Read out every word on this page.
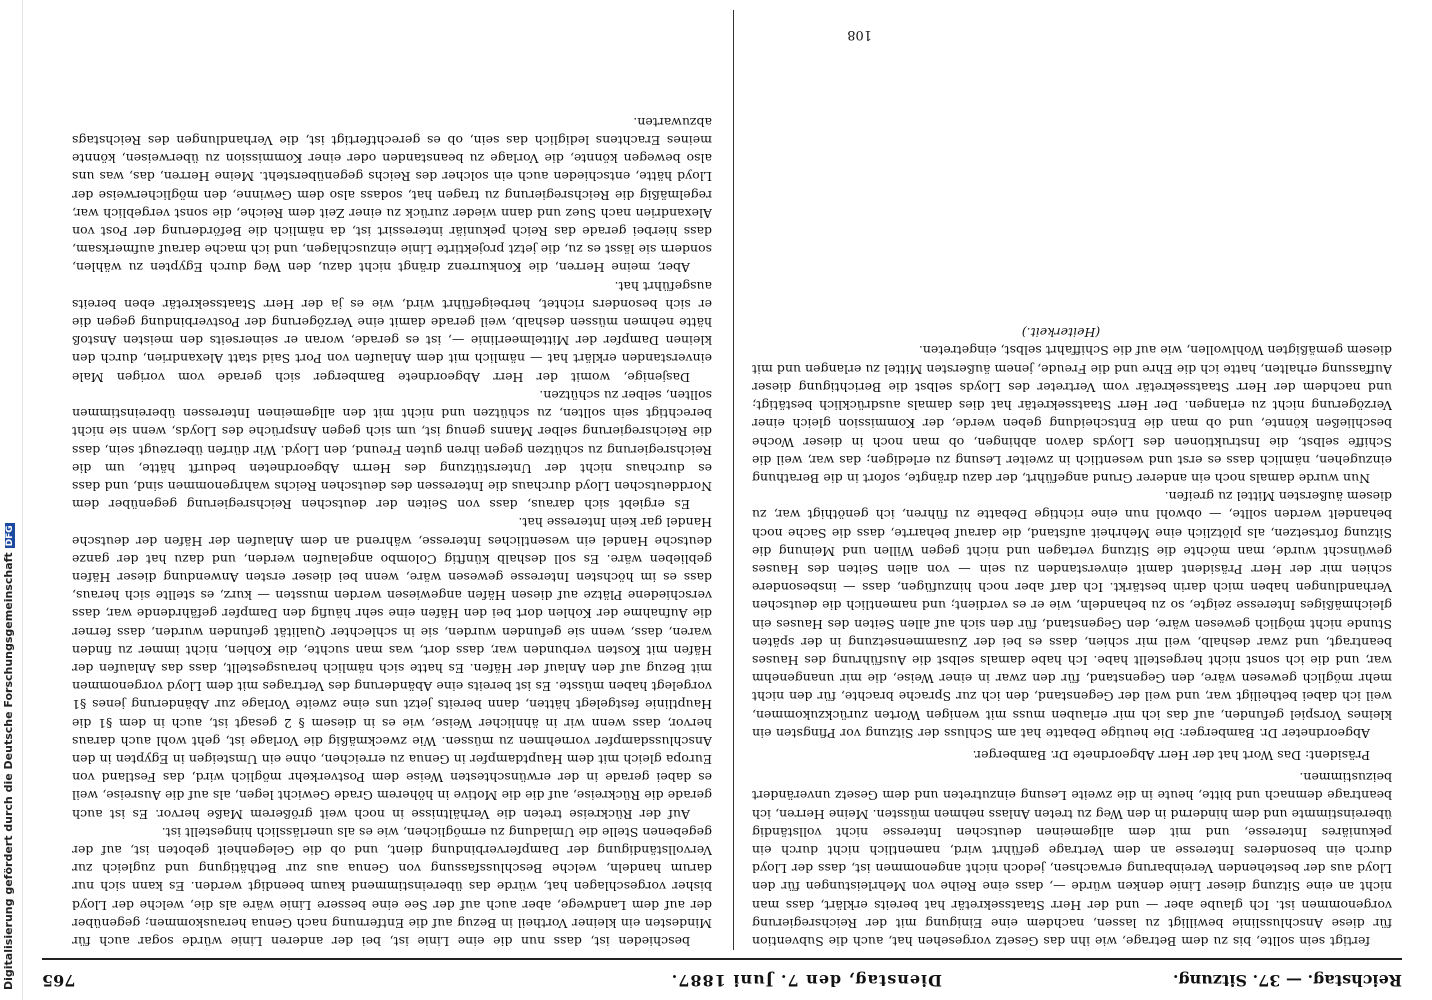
Digitalisierung gefördert durch die Deutsche ForschungsgemeinschaftDFG
Reichstag. — 37. Sitzung.
Dienstag, den 7. Juni 1887.
765

fertigt sein sollte, bis zu dem Betrage, wie ihn das Gesetz vorgesehen hat, auch die Subvention für diese Anschlusslinie bewilligt zu lassen, nachdem eine Einigung mit der Reichsregierung vorgenommen ist. Ich glaube aber — und der Herr Staatssekretär hat bereits erklärt, dass man nicht an eine Sitzung dieser Linie denken würde —, dass eine Reihe von Mehrleistungen für den Lloyd aus der bestehenden Vereinbarung erwachsen, jedoch nicht angenommen ist, dass der Lloyd durch ein besonderes Interesse an dem Vertrage geführt wird, namentlich nicht durch ein pekuniäres Interesse, und mit dem allgemeinen deutschen Interesse nicht vollständig übereinstimmte und dem hindernd in den Weg zu treten Anlass nehmen müssten. Meine Herren, ich beantrage demnach und bitte, heute in die zweite Lesung einzutreten und dem Gesetz unverändert beizustimmen.

Präsident: Das Wort hat der Herr Abgeordnete Dr. Bamberger.

Abgeordneter Dr. Bamberger: Die heutige Debatte hat am Schluss der Sitzung vor Pfingsten ein kleines Vorspiel gefunden, auf das ich mir erlauben muss mit wenigen Worten zurückzukommen, weil ich dabei betheiligt war, und weil der Gegenstand, den ich zur Sprache brachte, für den nicht mehr möglich gewesen wäre, den Gegenstand, für den zwar in einer Weise, die mir unangenehm war, und die ich sonst nicht hergestellt habe. Ich habe damals selbst die Ausführung des Hauses beantragt, und zwar deshalb, weil mir schien, dass es bei der Zusammensetzung in der späten Stunde nicht möglich gewesen wäre, den Gegenstand, für den sich auf allen Seiten des Hauses ein gleichmäßiges Interesse zeigte, so zu behandeln, wie er es verdient; und namentlich die deutschen Verhandlungen haben mich darin bestärkt. Ich darf aber noch hinzufügen, dass — insbesondere schien mir der Herr Präsident damit einverstanden zu sein — von allen Seiten des Hauses gewünscht wurde, man möchte die Sitzung vertagen und nicht gegen Willen und Meinung die Sitzung fortsetzen, als plötzlich eine Mehrheit aufstand, die darauf beharrte, dass die Sache noch behandelt werden sollte, — obwohl nun eine richtige Debatte zu führen, ich genöthigt war, zu diesem äußersten Mittel zu greifen.

Nun wurde damals noch ein anderer Grund angeführt, der dazu drängte, sofort in die Berathung einzugehen, nämlich dass es erst und wesentlich in zweiter Lesung zu erledigen; das war, weil die Schiffe selbst, die Instruktionen des Lloyds davon abhingen, ob man noch in dieser Woche beschließen könnte, und ob man die Entscheidung geben werde, der Kommission gleich einer Verzögerung nicht zu erlangen. Der Herr Staatssekretär hat dies damals ausdrücklich bestätigt; und nachdem der Herr Staatssekretär vom Vertreter des Lloyds selbst die Berichtigung dieser Auffassung erhalten, hatte ich die Ehre und die Freude, jenem äußersten Mittel zu erlangen und mit diesem gemäßigten Wohlwollen, wie auf die Schiffahrt selbst, eingetreten.

(Heiterkeit.)

beschieden ist, dass nun die eine Linie ist, bei der anderen Linie würde sogar auch für Mindesten ein kleiner Vortheil in Bezug auf die Entfernung nach Genua herauskommen; gegenüber der auf dem Landwege, aber auch auf der See eine bessere Linie wäre als die, welche der Lloyd bisher vorgeschlagen hat, würde das übereinstimmend kaum beendigt werden. Es kann sich nur darum handeln, welche Beschlussfassung von Genua aus zur Bethätigung und zugleich zur Vervollständigung der Dampferverbindung dient, und ob die Gelegenheit geboten ist, auf der gegebenen Stelle die Umladung zu ermöglichen, wie es als unerlässlich hingestellt ist.

Auf der Rückreise treten die Verhältnisse in noch weit größerem Maße hervor. Es ist auch gerade die Rückreise, auf die die Motive in höherem Grade Gewicht legen, als auf die Ausreise, weil es dabei gerade in der erwünschtesten Weise dem Postverkehr möglich wird, das Festland von Europa gleich mit dem Hauptdampfer in Genua zu erreichen, ohne ein Umsteigen in Egypten in den Anschlussdampfer vornehmen zu müssen. Wie zweckmäßig die Vorlage ist, geht wohl auch daraus hervor, dass wenn wir in ähnlicher Weise, wie es in diesem § 2 gesagt ist, auch in dem §1 die Hauptlinie festgelegt hätten, dann bereits jetzt uns eine zweite Vorlage zur Abänderung jenes §1 vorgelegt haben müsste. Es ist bereits eine Abänderung des Vertrages mit dem Lloyd vorgenommen mit Bezug auf den Anlauf der Häfen. Es hatte sich nämlich herausgestellt, dass das Anlaufen der Häfen mit Kosten verbunden war, dass dort, was man suchte, die Kohlen, nicht immer zu finden waren, dass, wenn sie gefunden wurden, sie in schlechter Qualität gefunden wurden, dass ferner die Aufnahme der Kohlen dort bei den Häfen eine sehr häufig den Dampfer gefährdende war, dass verschiedene Plätze auf diesen Häfen angewiesen werden mussten — kurz, es stellte sich heraus, dass es im höchsten Interesse gewesen wäre, wenn bei dieser ersten Anwendung dieser Häfen geblieben wäre. Es soll deshalb künftig Colombo angelaufen werden, und dazu hat der ganze deutsche Handel ein wesentliches Interesse, während an dem Anlaufen der Häfen der deutsche Handel gar kein Interesse hat.

Es ergiebt sich daraus, dass von Seiten der deutschen Reichsregierung gegenüber dem Norddeutschen Lloyd durchaus die Interessen des deutschen Reichs wahrgenommen sind, und dass es durchaus nicht der Unterstützung des Herrn Abgeordneten bedurft hätte, um die Reichsregierung zu schützen gegen ihren guten Freund, den Lloyd. Wir dürfen überzeugt sein, dass die Reichsregierung selber Manns genug ist, um sich gegen Ansprüche des Lloyds, wenn sie nicht berechtigt sein sollten, zu schützen und nicht mit den allgemeinen Interessen übereinstimmen sollten, selber zu schützen.

Dasjenige, womit der Herr Abgeordnete Bamberger sich gerade vom vorigen Male einverstanden erklärt hat — nämlich mit dem Anlaufen von Port Said statt Alexandrien, durch den kleinen Dampfer der Mittelmeerlinie —, ist es gerade, woran er seinerseits den meisten Anstoß hätte nehmen müssen deshalb, weil gerade damit eine Verzögerung der Postverbindung gegen die er sich besonders richtet, herbeigeführt wird, wie es ja der Herr Staatssekretär eben bereits ausgeführt hat.

Aber, meine Herren, die Konkurrenz drängt nicht dazu, den Weg durch Egypten zu wählen, sondern sie lässt es zu, die jetzt projektirte Linie einzuschlagen, und ich mache darauf aufmerksam, dass hierbei gerade das Reich pekuniär interessirt ist, da nämlich die Beförderung der Post von Alexandrien nach Suez und dann wieder zurück zu einer Zeit dem Reiche, die sonst vergeblich war, regelmäßig die Reichsregierung zu tragen hat, sodass also dem Gewinne, den möglicherweise der Lloyd hätte, entschieden auch ein solcher des Reichs gegenübersteht. Meine Herren, das, was uns also bewegen könnte, die Vorlage zu beanstanden oder einer Kommission zu überweisen, könnte meines Erachtens lediglich das sein, ob es gerechtfertigt ist, die Verhandlungen des Reichstags abzuwarten.

108
